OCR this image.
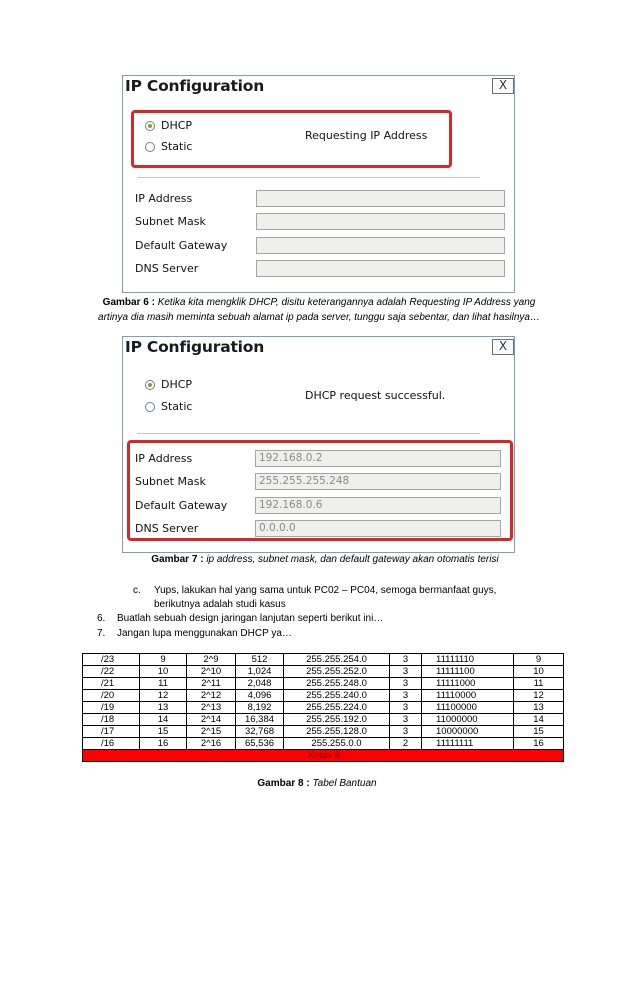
IP Configuration	X
DHCP
Static
Requesting IP Address
IP Address
Subnet Mask
Default Gateway
DNS Server
Gambar 6 : Ketika kita mengklik DHCP, disitu keterangannya adalah Requesting IP Address yang
artinya dia masih meminta sebuah alamat ip pada server, tunggu saja sebentar, dan lihat hasilnya…
IP Configuration	X
DHCP
Static
DHCP request successful.
IP Address	192.168.0.2
Subnet Mask	255.255.255.248
Default Gateway	192.168.0.6
DNS Server	0.0.0.0
Gambar 7 : ip address, subnet mask, dan default gateway akan otomatis terisi
c. Yups, lakukan hal yang sama untuk PC02 – PC04, semoga bermanfaat guys,
berikutnya adalah studi kasus
6. Buatlah sebuah design jaringan lanjutan seperti berikut ini…
7. Jangan lupa menggunakan DHCP ya…
/23	9	2^9	512	255.255.254.0	3	11111110	9
/22	10	2^10	1,024	255.255.252.0	3	11111100	10
/21	11	2^11	2,048	255.255.248.0	3	11111000	11
/20	12	2^12	4,096	255.255.240.0	3	11110000	12
/19	13	2^13	8,192	255.255.224.0	3	11100000	13
/18	14	2^14	16,384	255.255.192.0	3	11000000	14
/17	15	2^15	32,768	255.255.128.0	3	10000000	15
/16	16	2^16	65,536	255.255.0.0	2	11111111	16
Kelas B							
Gambar 8 : Tabel Bantuan
